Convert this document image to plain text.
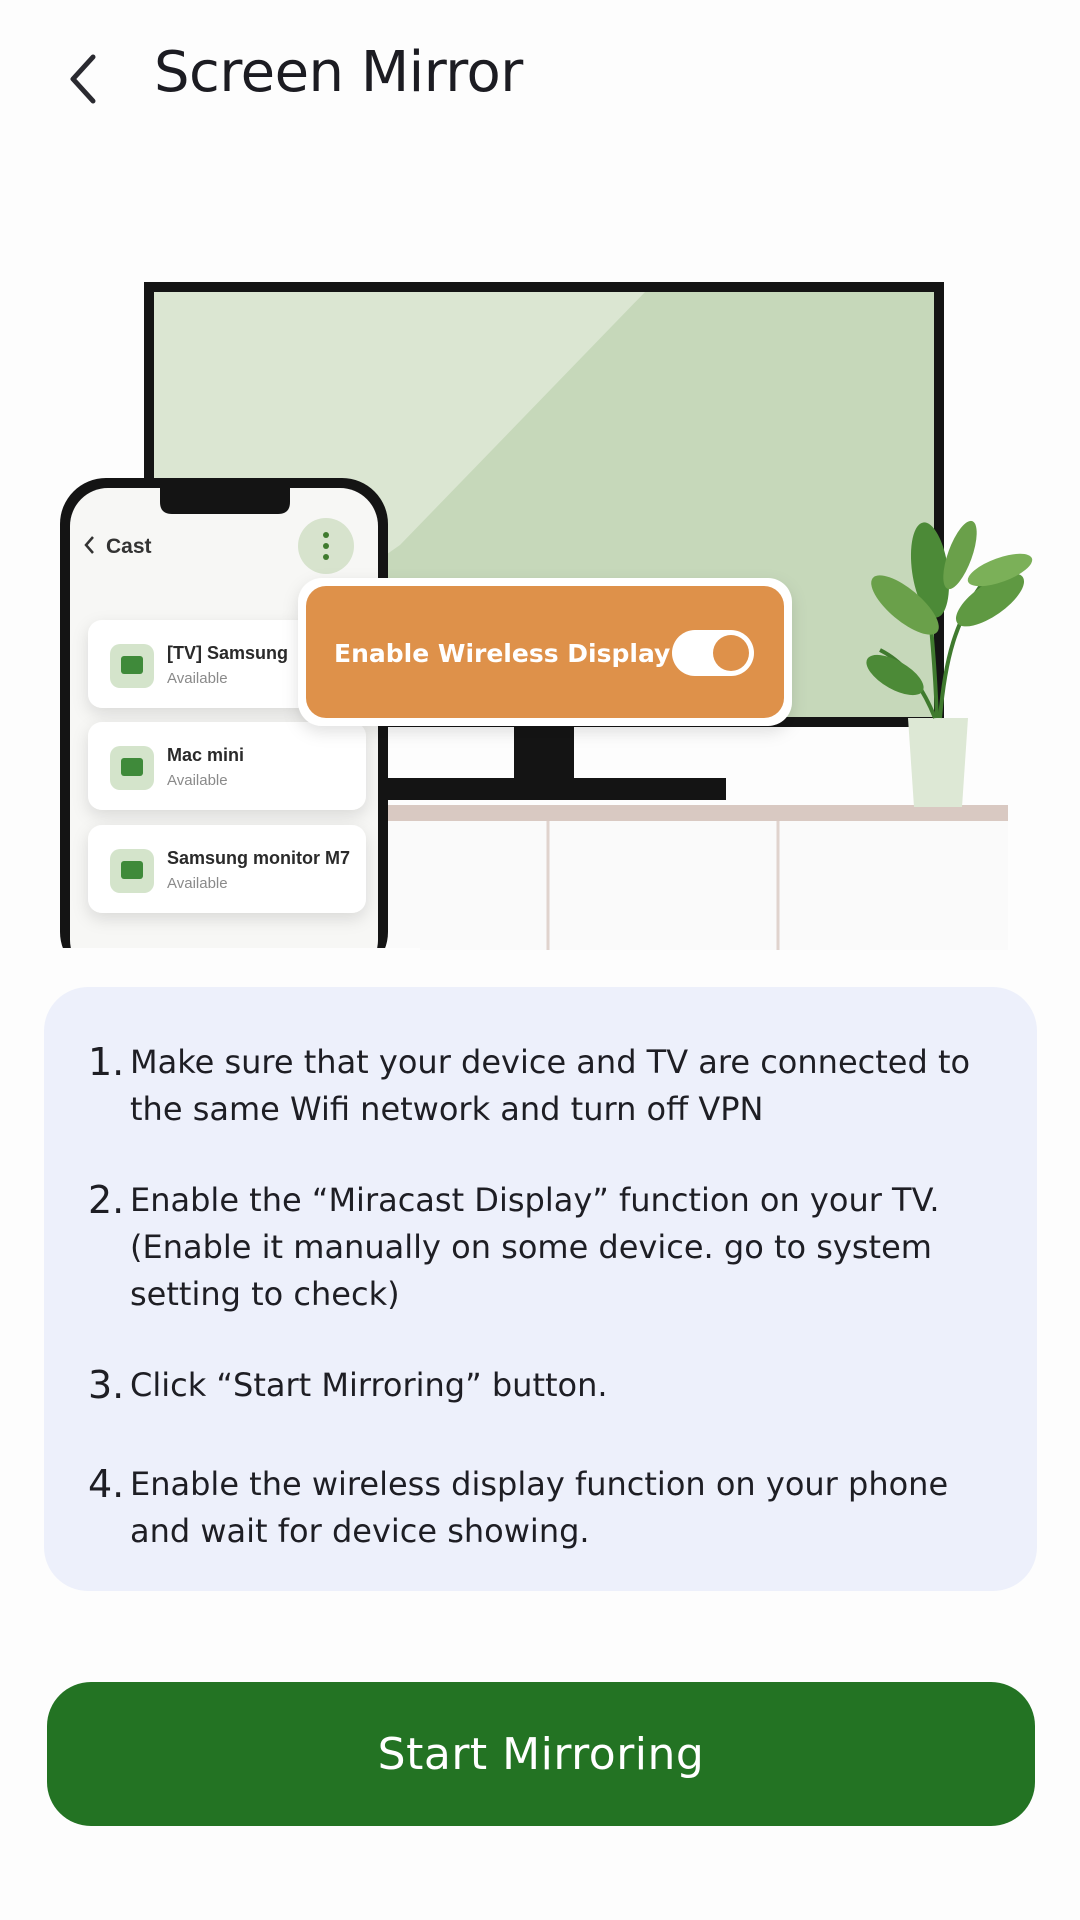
Screen Mirror
Cast
[TV] Samsung
Available
Mac mini
Available
Samsung monitor M7
Available
Enable Wireless Display
1. Make sure that your device and TV are connected to the same Wifi network and turn off VPN
2. Enable the “Miracast Display” function on your TV. (Enable it manually on some device. go to system setting to check)
3. Click “Start Mirroring” button.
4. Enable the wireless display function on your phone and wait for device showing.
Start Mirroring
